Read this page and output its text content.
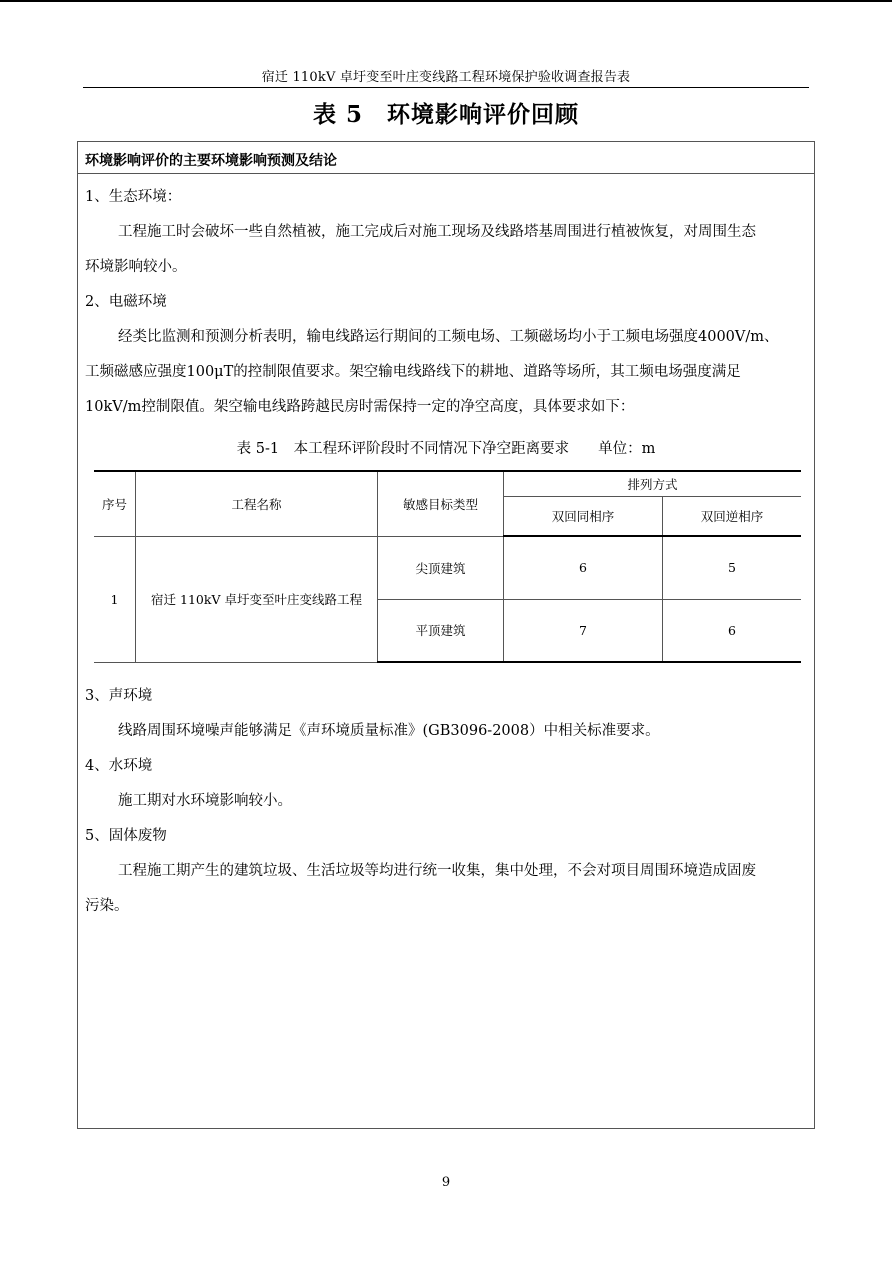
宿迁 110kV 卓圩变至叶庄变线路工程环境保护验收调查报告表
表 5　环境影响评价回顾
环境影响评价的主要环境影响预测及结论
1、生态环境：
工程施工时会破坏一些自然植被，施工完成后对施工现场及线路塔基周围进行植被恢复，对周围生态
环境影响较小。
2、电磁环境
经类比监测和预测分析表明，输电线路运行期间的工频电场、工频磁场均小于工频电场强度4000V/m、
工频磁感应强度100μT的控制限值要求。架空输电线路线下的耕地、道路等场所，其工频电场强度满足
10kV/m控制限值。架空输电线路跨越民房时需保持一定的净空高度，具体要求如下：
表 5-1　本工程环评阶段时不同情况下净空距离要求　　单位：m
序号	工程名称	敏感目标类型	排列方式	
			双回同相序	双回逆相序
1	宿迁 110kV 卓圩变至叶庄变线路工程	尖顶建筑	6	5
		平顶建筑	7	6
3、声环境
线路周围环境噪声能够满足《声环境质量标准》(GB3096-2008）中相关标准要求。
4、水环境
施工期对水环境影响较小。
5、固体废物
工程施工期产生的建筑垃圾、生活垃圾等均进行统一收集，集中处理，不会对项目周围环境造成固废
污染。
9
